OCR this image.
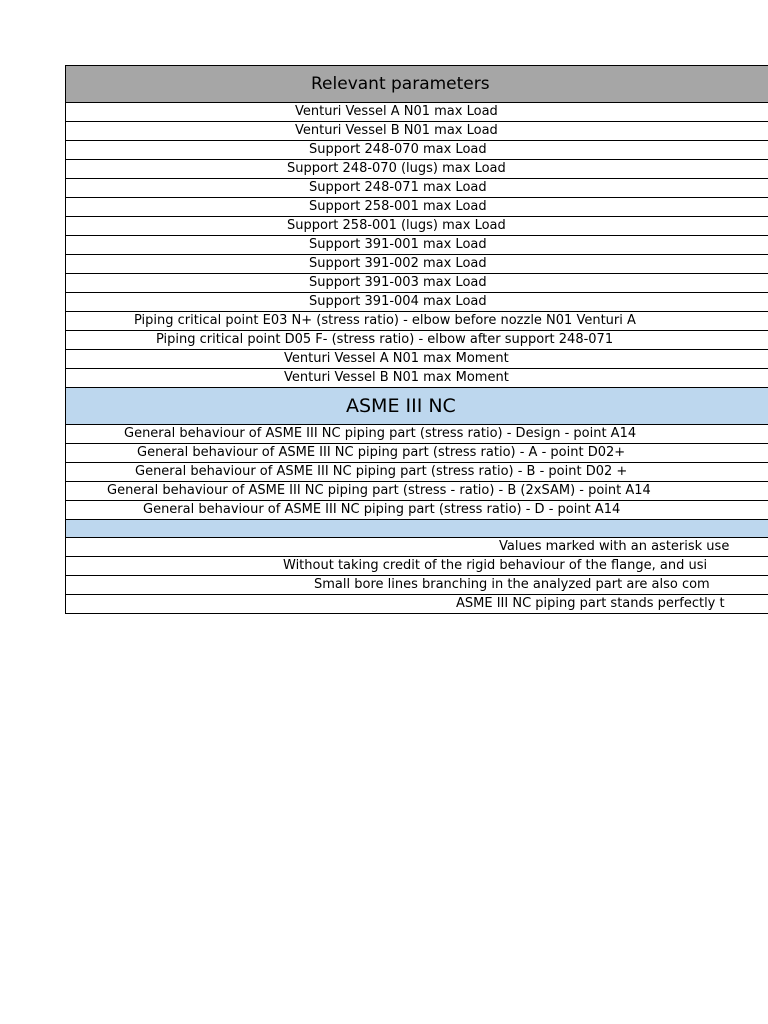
Relevant parameters
Venturi Vessel A N01 max Load
Venturi Vessel B N01 max Load
Support 248-070 max Load
Support 248-070 (lugs) max Load
Support 248-071 max Load
Support 258-001 max Load
Support 258-001 (lugs) max Load
Support 391-001 max Load
Support 391-002 max Load
Support 391-003 max Load
Support 391-004 max Load
Piping critical point E03 N+ (stress ratio) - elbow before nozzle N01 Venturi A
Piping critical point D05 F- (stress ratio) - elbow after support 248-071
Venturi Vessel A N01 max Moment
Venturi Vessel B N01 max Moment
ASME III NC
General behaviour of ASME III NC piping part (stress ratio) - Design - point A14
General behaviour of ASME III NC piping part (stress ratio) - A - point D02+
General behaviour of ASME III NC piping part (stress ratio) - B - point D02 +
General behaviour of ASME III NC piping part (stress - ratio) - B (2xSAM) - point A14
General behaviour of ASME III NC piping part (stress ratio) - D - point A14
Values marked with an asterisk use
Without taking credit of the rigid behaviour of the flange, and usi
Small bore lines branching in the analyzed part are also com
ASME III NC piping part stands perfectly t
